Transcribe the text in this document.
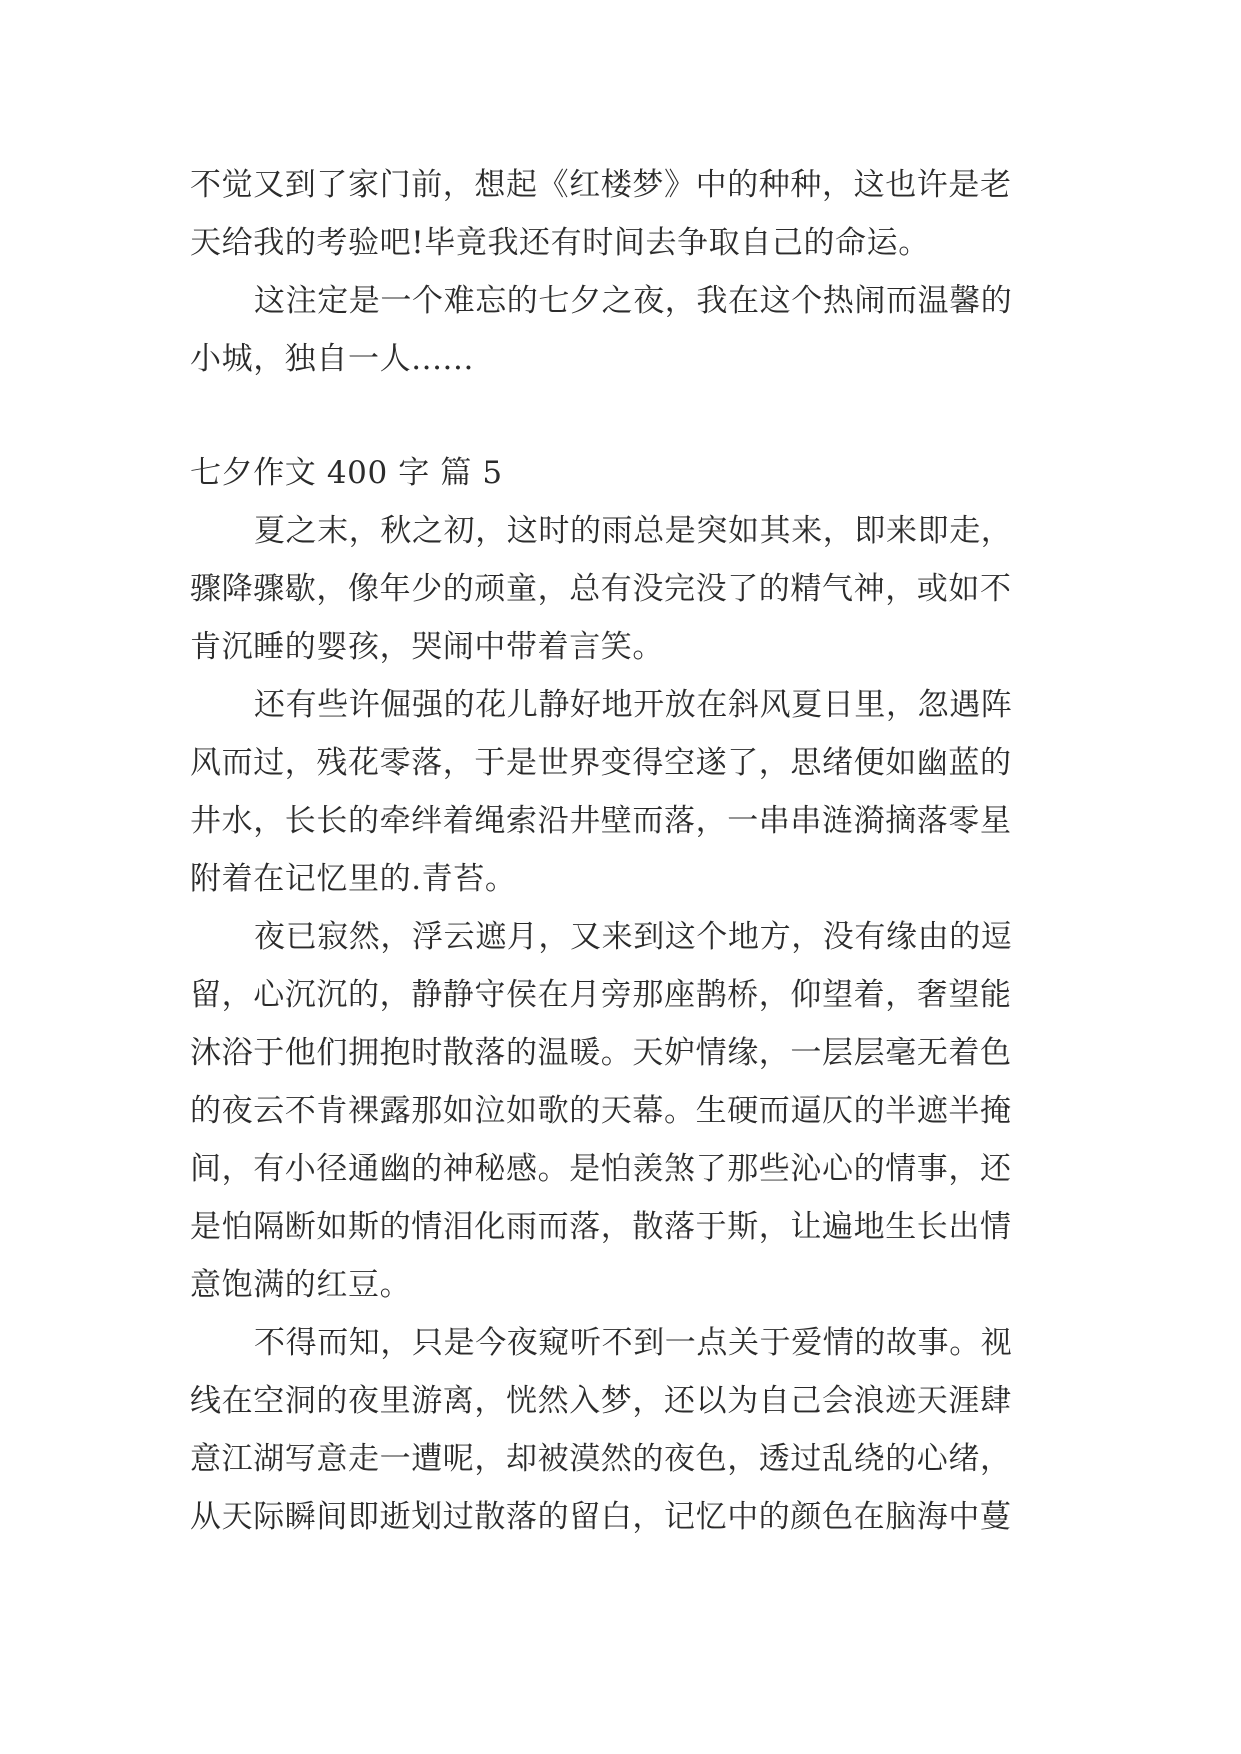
不觉又到了家门前，想起《红楼梦》中的种种，这也许是老
天给我的考验吧!毕竟我还有时间去争取自己的命运。
这注定是一个难忘的七夕之夜，我在这个热闹而温馨的
小城，独自一人......
七夕作文 400 字 篇 5
夏之末，秋之初，这时的雨总是突如其来，即来即走，
骤降骤歇，像年少的顽童，总有没完没了的精气神，或如不
肯沉睡的婴孩，哭闹中带着言笑。
还有些许倔强的花儿静好地开放在斜风夏日里，忽遇阵
风而过，残花零落，于是世界变得空遂了，思绪便如幽蓝的
井水，长长的牵绊着绳索沿井壁而落，一串串涟漪摘落零星
附着在记忆里的.青苔。
夜已寂然，浮云遮月，又来到这个地方，没有缘由的逗
留，心沉沉的，静静守侯在月旁那座鹊桥，仰望着，奢望能
沐浴于他们拥抱时散落的温暖。天妒情缘，一层层毫无着色
的夜云不肯裸露那如泣如歌的天幕。生硬而逼仄的半遮半掩
间，有小径通幽的神秘感。是怕羡煞了那些沁心的情事，还
是怕隔断如斯的情泪化雨而落，散落于斯，让遍地生长出情
意饱满的红豆。
不得而知，只是今夜窥听不到一点关于爱情的故事。视
线在空洞的夜里游离，恍然入梦，还以为自己会浪迹天涯肆
意江湖写意走一遭呢，却被漠然的夜色，透过乱绕的心绪，
从天际瞬间即逝划过散落的留白，记忆中的颜色在脑海中蔓
